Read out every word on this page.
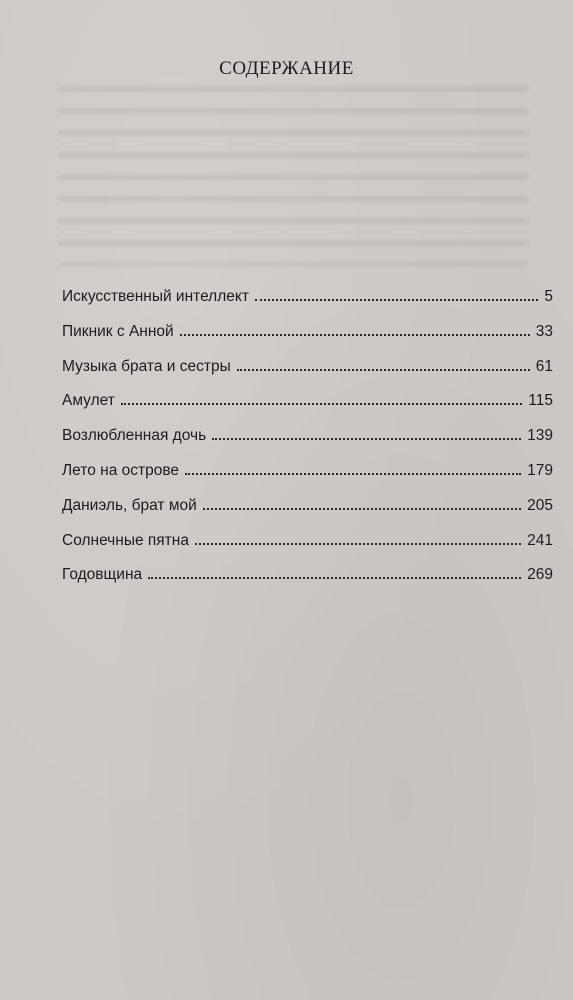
СОДЕРЖАНИЕ
Искусственный интеллект	5
Пикник с Анной	33
Музыка брата и сестры	61
Амулет	115
Возлюбленная дочь	139
Лето на острове	179
Даниэль, брат мой	205
Солнечные пятна	241
Годовщина	269
